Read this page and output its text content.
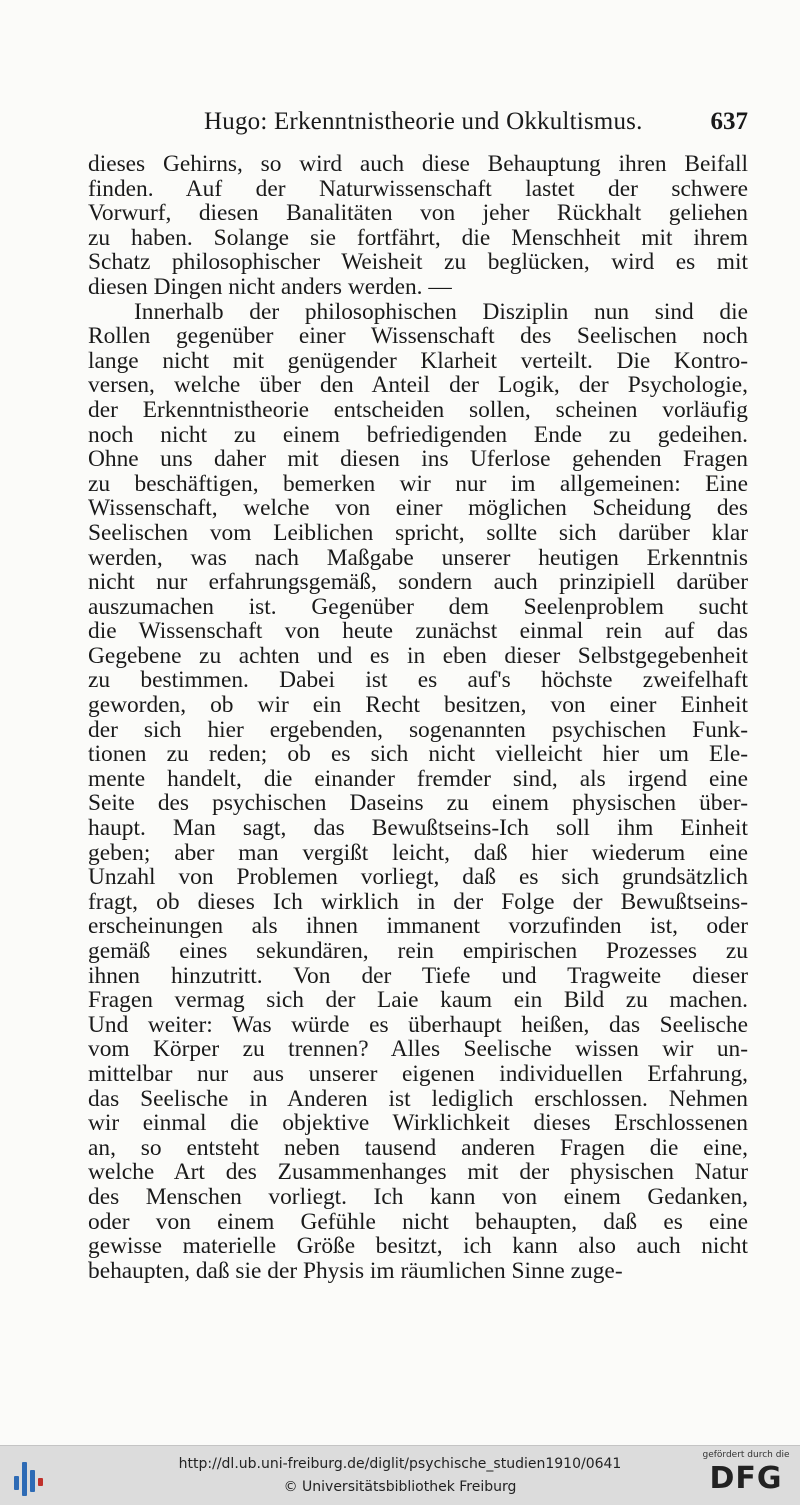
Hugo: Erkenntnistheorie und Okkultismus.	637
dieses Gehirns, so wird auch diese Behauptung ihren Beifall
finden. Auf der Naturwissenschaft lastet der schwere
Vorwurf, diesen Banalitäten von jeher Rückhalt geliehen
zu haben. Solange sie fortfährt, die Menschheit mit ihrem
Schatz philosophischer Weisheit zu beglücken, wird es mit
diesen Dingen nicht anders werden. —
Innerhalb der philosophischen Disziplin nun sind die
Rollen gegenüber einer Wissenschaft des Seelischen noch
lange nicht mit genügender Klarheit verteilt. Die Kontro-
versen, welche über den Anteil der Logik, der Psychologie,
der Erkenntnistheorie entscheiden sollen, scheinen vorläufig
noch nicht zu einem befriedigenden Ende zu gedeihen.
Ohne uns daher mit diesen ins Uferlose gehenden Fragen
zu beschäftigen, bemerken wir nur im allgemeinen: Eine
Wissenschaft, welche von einer möglichen Scheidung des
Seelischen vom Leiblichen spricht, sollte sich darüber klar
werden, was nach Maßgabe unserer heutigen Erkenntnis
nicht nur erfahrungsgemäß, sondern auch prinzipiell darüber
auszumachen ist. Gegenüber dem Seelenproblem sucht
die Wissenschaft von heute zunächst einmal rein auf das
Gegebene zu achten und es in eben dieser Selbstgegebenheit
zu bestimmen. Dabei ist es auf's höchste zweifelhaft
geworden, ob wir ein Recht besitzen, von einer Einheit
der sich hier ergebenden, sogenannten psychischen Funk-
tionen zu reden; ob es sich nicht vielleicht hier um Ele-
mente handelt, die einander fremder sind, als irgend eine
Seite des psychischen Daseins zu einem physischen über-
haupt. Man sagt, das Bewußtseins-Ich soll ihm Einheit
geben; aber man vergißt leicht, daß hier wiederum eine
Unzahl von Problemen vorliegt, daß es sich grundsätzlich
fragt, ob dieses Ich wirklich in der Folge der Bewußtseins-
erscheinungen als ihnen immanent vorzufinden ist, oder
gemäß eines sekundären, rein empirischen Prozesses zu
ihnen hinzutritt. Von der Tiefe und Tragweite dieser
Fragen vermag sich der Laie kaum ein Bild zu machen.
Und weiter: Was würde es überhaupt heißen, das Seelische
vom Körper zu trennen? Alles Seelische wissen wir un-
mittelbar nur aus unserer eigenen individuellen Erfahrung,
das Seelische in Anderen ist lediglich erschlossen. Nehmen
wir einmal die objektive Wirklichkeit dieses Erschlossenen
an, so entsteht neben tausend anderen Fragen die eine,
welche Art des Zusammenhanges mit der physischen Natur
des Menschen vorliegt. Ich kann von einem Gedanken,
oder von einem Gefühle nicht behaupten, daß es eine
gewisse materielle Größe besitzt, ich kann also auch nicht
behaupten, daß sie der Physis im räumlichen Sinne zuge-
http://dl.ub.uni-freiburg.de/diglit/psychische_studien1910/0641
© Universitätsbibliothek Freiburg
gefördert durch die
DFG
